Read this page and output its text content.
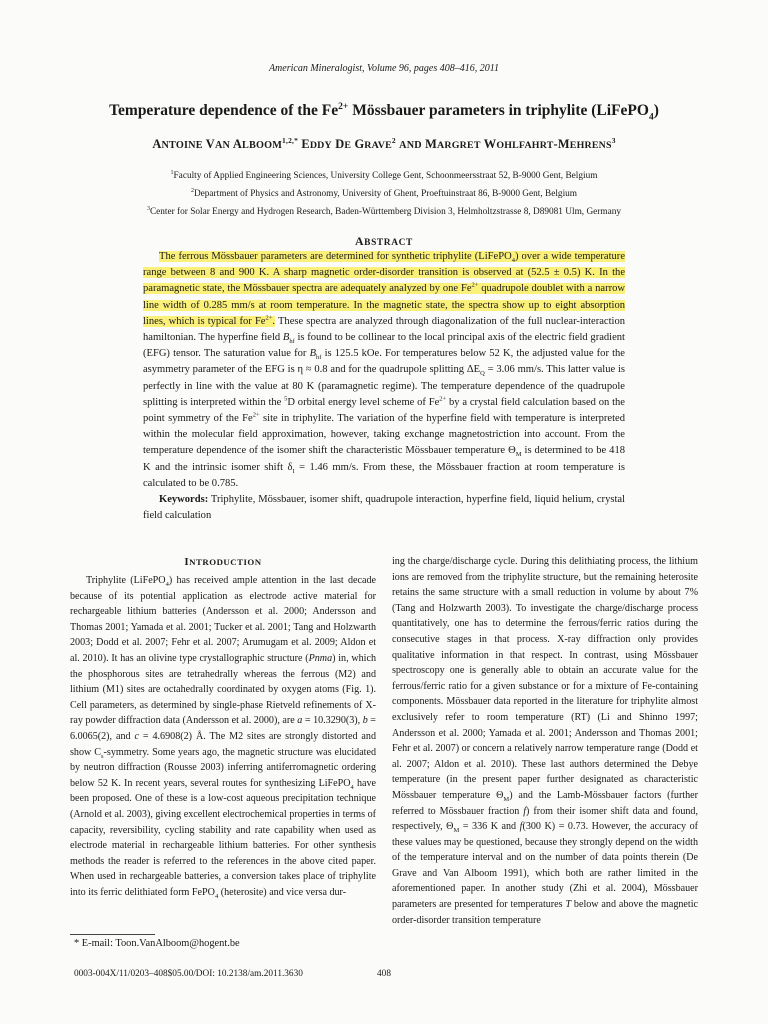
American Mineralogist, Volume 96, pages 408–416, 2011
Temperature dependence of the $Fe^{2+}$ Mössbauer parameters in triphylite (LiFePO$_4$)
ANTOINE VAN $ALBOOM^{1,2,*}$ EDDY DE GRAVE$^2$ AND MARGRET WOHLFAHRT-MEHRENS$^3$
$^1$Faculty of Applied Engineering Sciences, University College Gent, Schoonmeersstraat 52, B-9000 Gent, Belgium
$^2$Department of Physics and Astronomy, University of Ghent, Proeftuinstraat 86, B-9000 Gent, Belgium
$^3$Center for Solar Energy and Hydrogen Research, Baden-Württemberg Division 3, Helmholtzstrasse 8, D89081 Ulm, Germany
ABSTRACT

The ferrous Mössbauer parameters are determined for synthetic triphylite (LiFePO$_4$) over a wide temperature range between 8 and 900 K. A sharp magnetic order-disorder transition is observed at (52.5 ± 0.5) K. In the paramagnetic state, the Mössbauer spectra are adequately analyzed by one $Fe^{2+}$ quadrupole doublet with a narrow line width of 0.285 mm/s at room temperature. In the magnetic state, the spectra show up to eight absorption lines, which is typical for $Fe^{2+}$. These spectra are analyzed through diagonalization of the full nuclear-interaction hamiltonian. The hyperfine field $B_{hf}$ is found to be collinear to the local principal axis of the electric field gradient (EFG) tensor. The saturation value for $B_{hf}$ is 125.5 kOe. For temperatures below 52 K, the adjusted value for the asymmetry parameter of the EFG is η ≈ 0.8 and for the quadrupole splitting $\Delta E_Q = 3.06$ mm/s. This latter value is perfectly in line with the value at 80 K (paramagnetic regime). The temperature dependence of the quadrupole splitting is interpreted within the $^5$D orbital energy level scheme of $Fe^{2+}$ by a crystal field calculation based on the point symmetry of the $Fe^{2+}$ site in triphylite. The variation of the hyperfine field with temperature is interpreted within the molecular field approximation, however, taking exchange magnetostriction into account. From the temperature dependence of the isomer shift the characteristic Mössbauer temperature $\Theta_M$ is determined to be 418 K and the intrinsic isomer shift $\delta_I = 1.46$ mm/s. From these, the Mössbauer fraction at room temperature is calculated to be 0.785.

Keywords: Triphylite, Mössbauer, isomer shift, quadrupole interaction, hyperfine field, liquid helium, crystal field calculation

INTRODUCTION

Triphylite (LiFePO$_4$) has received ample attention in the last decade because of its potential application as electrode active material for rechargeable lithium batteries (Andersson et al. 2000; Andersson and Thomas 2001; Yamada et al. 2001; Tucker et al. 2001; Tang and Holzwarth 2003; Dodd et al. 2007; Fehr et al. 2007; Arumugam et al. 2009; Aldon et al. 2010). It has an olivine type crystallographic structure (Pnma) in, which the phosphorous sites are tetrahedrally whereas the ferrous (M2) and lithium (M1) sites are octahedrally coordinated by oxygen atoms (Fig. 1). Cell parameters, as determined by single-phase Rietveld refinements of X-ray powder diffraction data (Andersson et al. 2000), are a = 10.3290(3), b = 6.0065(2), and c = 4.6908(2) Å. The M2 sites are strongly distorted and show $C_s$-symmetry. Some years ago, the magnetic structure was elucidated by neutron diffraction (Rousse 2003) inferring antiferromagnetic ordering below 52 K. In recent years, several routes for synthesizing LiFePO$_4$ have been proposed. One of these is a low-cost aqueous precipitation technique (Arnold et al. 2003), giving excellent electrochemical properties in terms of capacity, reversibility, cycling stability and rate capability when used as electrode material in rechargeable lithium batteries. For other synthesis methods the reader is referred to the references in the above cited paper. When used in rechargeable batteries, a conversion takes place of triphylite into its ferric delithiated form FePO$_4$ (heterosite) and vice versa dur-

ing the charge/discharge cycle. During this delithiating process, the lithium ions are removed from the triphylite structure, but the remaining heterosite retains the same structure with a small reduction in volume by about 7% (Tang and Holzwarth 2003). To investigate the charge/discharge process quantitatively, one has to determine the ferrous/ferric ratios during the consecutive stages in that process. X-ray diffraction only provides qualitative information in that respect. In contrast, using Mössbauer spectroscopy one is generally able to obtain an accurate value for the ferrous/ferric ratio for a given substance or for a mixture of Fe-containing components. Mössbauer data reported in the literature for triphylite almost exclusively refer to room temperature (RT) (Li and Shinno 1997; Andersson et al. 2000; Yamada et al. 2001; Andersson and Thomas 2001; Fehr et al. 2007) or concern a relatively narrow temperature range (Dodd et al. 2007; Aldon et al. 2010). These last authors determined the Debye temperature (in the present paper further designated as characteristic Mössbauer temperature $\Theta_M$) and the Lamb-Mössbauer factors (further referred to Mössbauer fraction f) from their isomer shift data and found, respectively, $\Theta_M = 336$ K and f(300 K) = 0.73. However, the accuracy of these values may be questioned, because they strongly depend on the width of the temperature interval and on the number of data points therein (De Grave and Van Alboom 1991), which both are rather limited in the aforementioned paper. In another study (Zhi et al. 2004), Mössbauer parameters are presented for temperatures T below and above the magnetic order-disorder transition temperature

* E-mail: Toon.VanAlboom@hogent.be
0003-004X/11/0203–408$05.00/DOI: 10.2138/am.2011.3630	408
